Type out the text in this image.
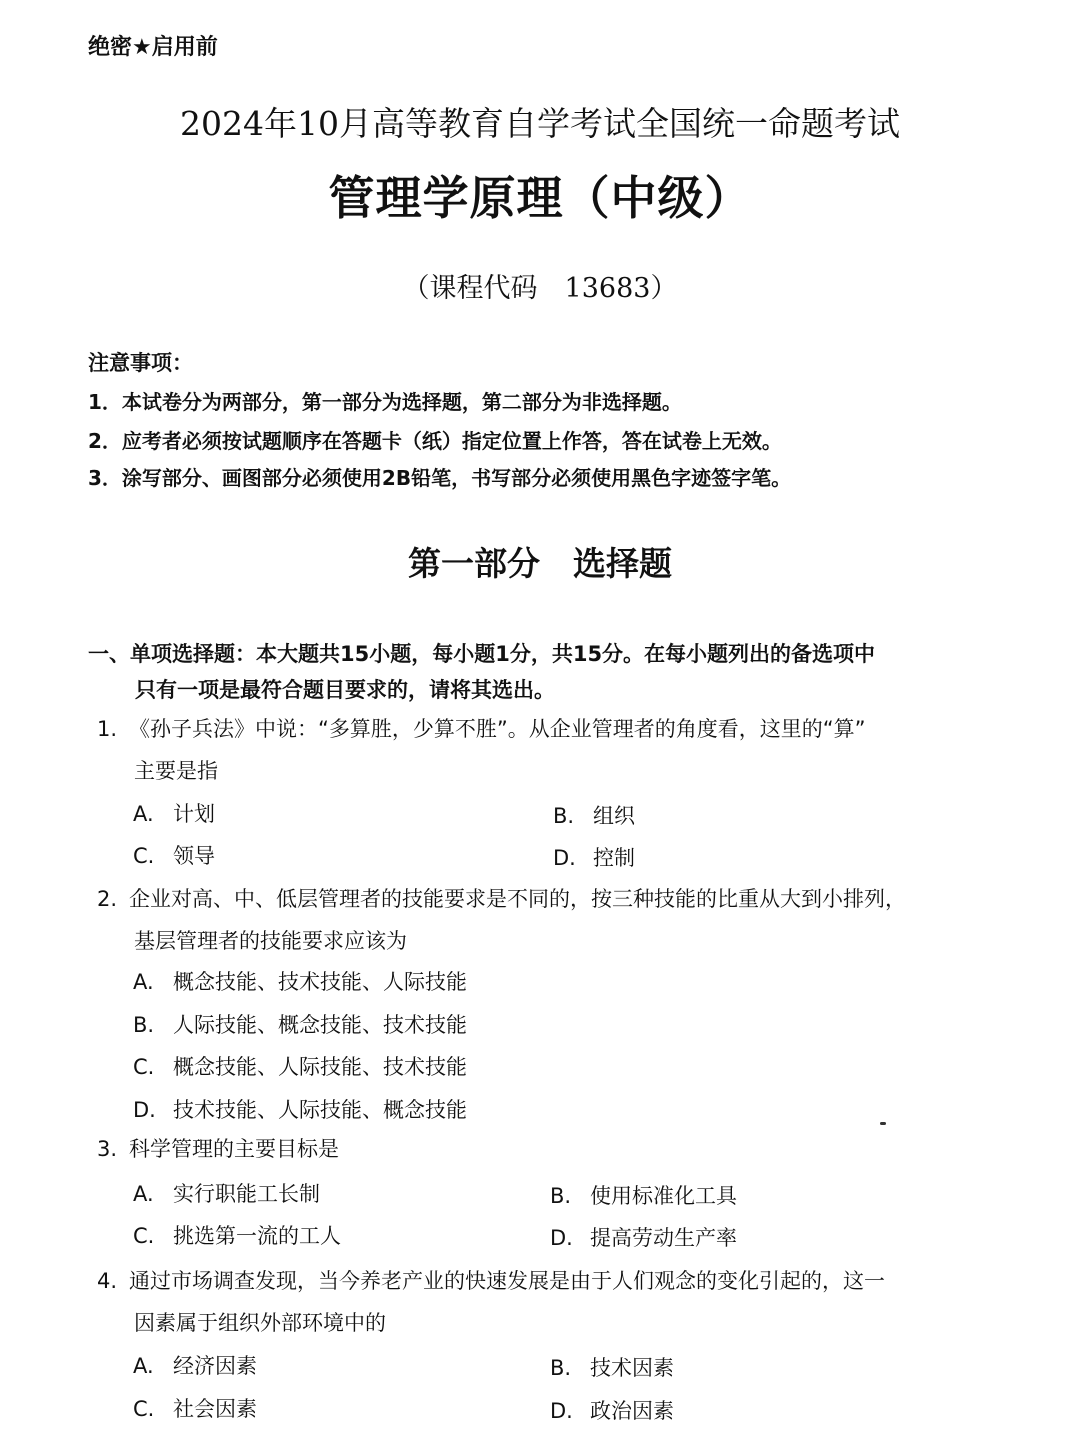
绝密★启用前
2024年10月高等教育自学考试全国统一命题考试
管理学原理（中级）
（课程代码　13683）
注意事项：
1．本试卷分为两部分，第一部分为选择题，第二部分为非选择题。
2．应考者必须按试题顺序在答题卡（纸）指定位置上作答，答在试卷上无效。
3．涂写部分、画图部分必须使用2B铅笔，书写部分必须使用黑色字迹签字笔。
第一部分　选择题
一、单项选择题：本大题共15小题，每小题1分，共15分。在每小题列出的备选项中
只有一项是最符合题目要求的，请将其选出。
1. 《孙子兵法》中说：“多算胜，少算不胜”。从企业管理者的角度看，这里的“算”
主要是指
A. 计划	B. 组织
C. 领导	D. 控制
2. 企业对高、中、低层管理者的技能要求是不同的，按三种技能的比重从大到小排列，
基层管理者的技能要求应该为
A. 概念技能、技术技能、人际技能
B. 人际技能、概念技能、技术技能
C. 概念技能、人际技能、技术技能
D. 技术技能、人际技能、概念技能
3. 科学管理的主要目标是
A. 实行职能工长制	B. 使用标准化工具
C. 挑选第一流的工人	D. 提高劳动生产率
4. 通过市场调查发现，当今养老产业的快速发展是由于人们观念的变化引起的，这一
因素属于组织外部环境中的
A. 经济因素	B. 技术因素
C. 社会因素	D. 政治因素
